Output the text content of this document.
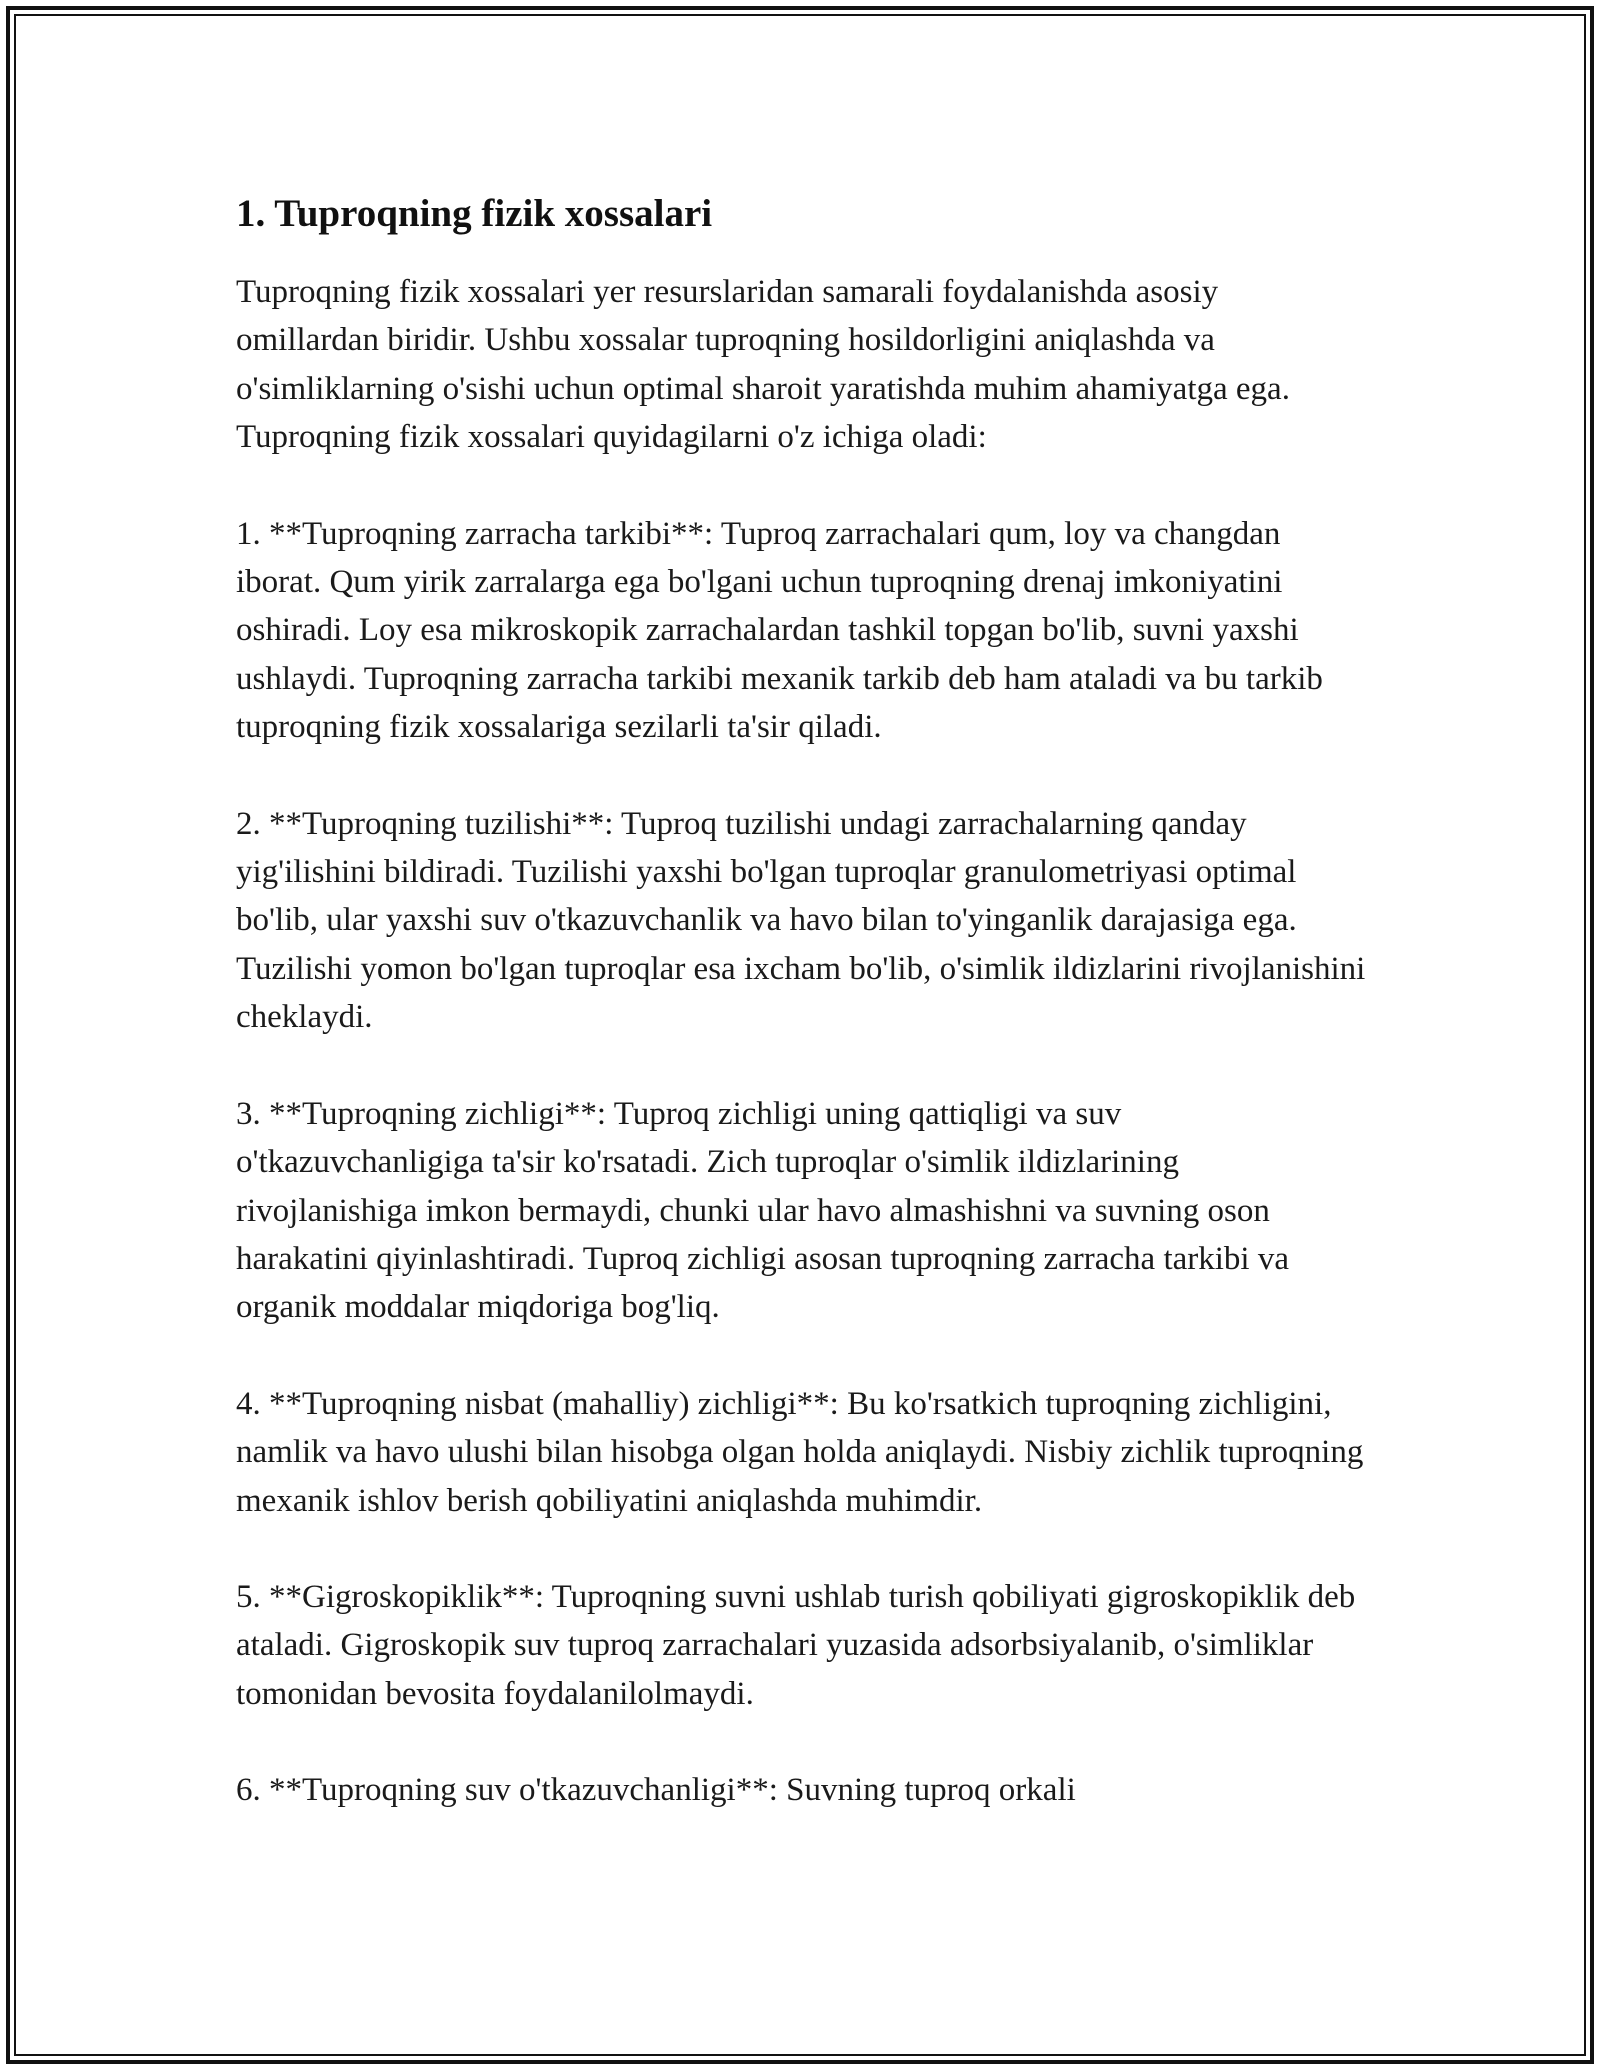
1. Tuproqning fizik xossalari

Tuproqning fizik xossalari yer resurslaridan samarali foydalanishda asosiy omillardan biridir. Ushbu xossalar tuproqning hosildorligini aniqlashda va o'simliklarning o'sishi uchun optimal sharoit yaratishda muhim ahamiyatga ega. Tuproqning fizik xossalari quyidagilarni o'z ichiga oladi:

1. **Tuproqning zarracha tarkibi**: Tuproq zarrachalari qum, loy va changdan iborat. Qum yirik zarralarga ega bo'lgani uchun tuproqning drenaj imkoniyatini oshiradi. Loy esa mikroskopik zarrachalardan tashkil topgan bo'lib, suvni yaxshi ushlaydi. Tuproqning zarracha tarkibi mexanik tarkib deb ham ataladi va bu tarkib tuproqning fizik xossalariga sezilarli ta'sir qiladi.

2. **Tuproqning tuzilishi**: Tuproq tuzilishi undagi zarrachalarning qanday yig'ilishini bildiradi. Tuzilishi yaxshi bo'lgan tuproqlar granulometriyasi optimal bo'lib, ular yaxshi suv o'tkazuvchanlik va havo bilan to'yinganlik darajasiga ega. Tuzilishi yomon bo'lgan tuproqlar esa ixcham bo'lib, o'simlik ildizlarini rivojlanishini cheklaydi.

3. **Tuproqning zichligi**: Tuproq zichligi uning qattiqligi va suv o'tkazuvchanligiga ta'sir ko'rsatadi. Zich tuproqlar o'simlik ildizlarining rivojlanishiga imkon bermaydi, chunki ular havo almashishni va suvning oson harakatini qiyinlashtiradi. Tuproq zichligi asosan tuproqning zarracha tarkibi va organik moddalar miqdoriga bog'liq.

4. **Tuproqning nisbat (mahalliy) zichligi**: Bu ko'rsatkich tuproqning zichligini, namlik va havo ulushi bilan hisobga olgan holda aniqlaydi. Nisbiy zichlik tuproqning mexanik ishlov berish qobiliyatini aniqlashda muhimdir.

5. **Gigroskopiklik**: Tuproqning suvni ushlab turish qobiliyati gigroskopiklik deb ataladi. Gigroskopik suv tuproq zarrachalari yuzasida adsorbsiyalanib, o'simliklar tomonidan bevosita foydalanilolmaydi.

6. **Tuproqning suv o'tkazuvchanligi**: Suvning tuproq orkali
